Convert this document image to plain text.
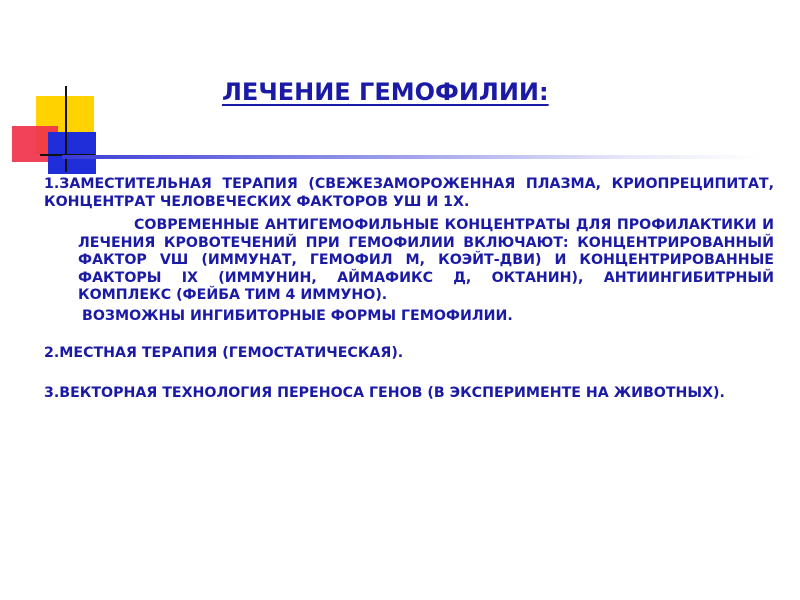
ЛЕЧЕНИЕ ГЕМОФИЛИИ:

1.ЗАМЕСТИТЕЛЬНАЯ ТЕРАПИЯ (СВЕЖЕЗАМОРОЖЕННАЯ ПЛАЗМА, КРИОПРЕЦИПИТАТ, КОНЦЕНТРАТ ЧЕЛОВЕЧЕСКИХ ФАКТОРОВ УШ И 1Х.

СОВРЕМЕННЫЕ АНТИГЕМОФИЛЬНЫЕ КОНЦЕНТРАТЫ ДЛЯ ПРОФИЛАКТИКИ И ЛЕЧЕНИЯ КРОВОТЕЧЕНИЙ ПРИ ГЕМОФИЛИИ ВКЛЮЧАЮТ: КОНЦЕНТРИРОВАННЫЙ ФАКТОР VШ (ИММУНАТ, ГЕМОФИЛ М, КОЭЙТ-ДВИ) И КОНЦЕНТРИРОВАННЫЕ ФАКТОРЫ IX (ИММУНИН, АЙМАФИКС Д, ОКТАНИН), АНТИИНГИБИТРНЫЙ КОМПЛЕКС (ФЕЙБА ТИМ 4 ИММУНО).

ВОЗМОЖНЫ ИНГИБИТОРНЫЕ ФОРМЫ ГЕМОФИЛИИ.

2.МЕСТНАЯ ТЕРАПИЯ (ГЕМОСТАТИЧЕСКАЯ).

3.ВЕКТОРНАЯ ТЕХНОЛОГИЯ ПЕРЕНОСА ГЕНОВ (В ЭКСПЕРИМЕНТЕ НА ЖИВОТНЫХ).
